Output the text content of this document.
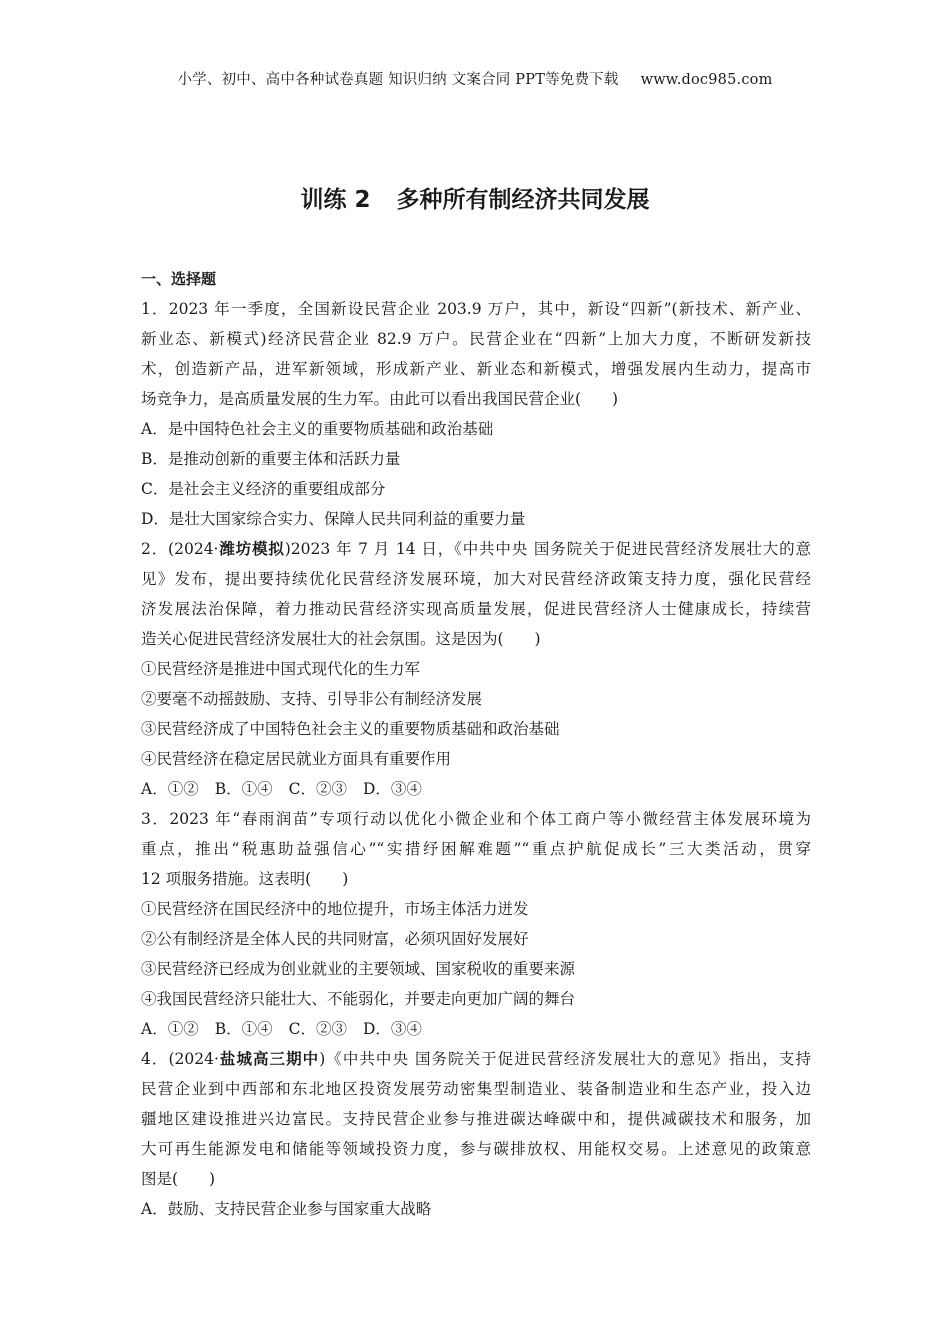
小学、初中、高中各种试卷真题 知识归纳 文案合同 PPT等免费下载 www.doc985.com
训练 2 多种所有制经济共同发展
一、选择题
1．2023 年一季度，全国新设民营企业 203.9 万户，其中，新设“四新”(新技术、新产业、
新业态、新模式)经济民营企业 82.9 万户。民营企业在“四新”上加大力度，不断研发新技
术，创造新产品，进军新领域，形成新产业、新业态和新模式，增强发展内生动力，提高市
场竞争力，是高质量发展的生力军。由此可以看出我国民营企业(　　)
A．是中国特色社会主义的重要物质基础和政治基础
B．是推动创新的重要主体和活跃力量
C．是社会主义经济的重要组成部分
D．是壮大国家综合实力、保障人民共同利益的重要力量
2．(2024·潍坊模拟)2023 年 7 月 14 日，《中共中央 国务院关于促进民营经济发展壮大的意
见》发布，提出要持续优化民营经济发展环境，加大对民营经济政策支持力度，强化民营经
济发展法治保障，着力推动民营经济实现高质量发展，促进民营经济人士健康成长，持续营
造关心促进民营经济发展壮大的社会氛围。这是因为(　　)
①民营经济是推进中国式现代化的生力军
②要毫不动摇鼓励、支持、引导非公有制经济发展
③民营经济成了中国特色社会主义的重要物质基础和政治基础
④民营经济在稳定居民就业方面具有重要作用
A．①② B．①④ C．②③ D．③④
3．2023 年“春雨润苗”专项行动以优化小微企业和个体工商户等小微经营主体发展环境为
重点，推出“税惠助益强信心”“实措纾困解难题”“重点护航促成长”三大类活动，贯穿
12 项服务措施。这表明(　　)
①民营经济在国民经济中的地位提升，市场主体活力迸发
②公有制经济是全体人民的共同财富，必须巩固好发展好
③民营经济已经成为创业就业的主要领域、国家税收的重要来源
④我国民营经济只能壮大、不能弱化，并要走向更加广阔的舞台
A．①② B．①④ C．②③ D．③④
4．(2024·盐城高三期中)《中共中央 国务院关于促进民营经济发展壮大的意见》指出，支持
民营企业到中西部和东北地区投资发展劳动密集型制造业、装备制造业和生态产业，投入边
疆地区建设推进兴边富民。支持民营企业参与推进碳达峰碳中和，提供减碳技术和服务，加
大可再生能源发电和储能等领域投资力度，参与碳排放权、用能权交易。上述意见的政策意
图是(　　)
A．鼓励、支持民营企业参与国家重大战略
